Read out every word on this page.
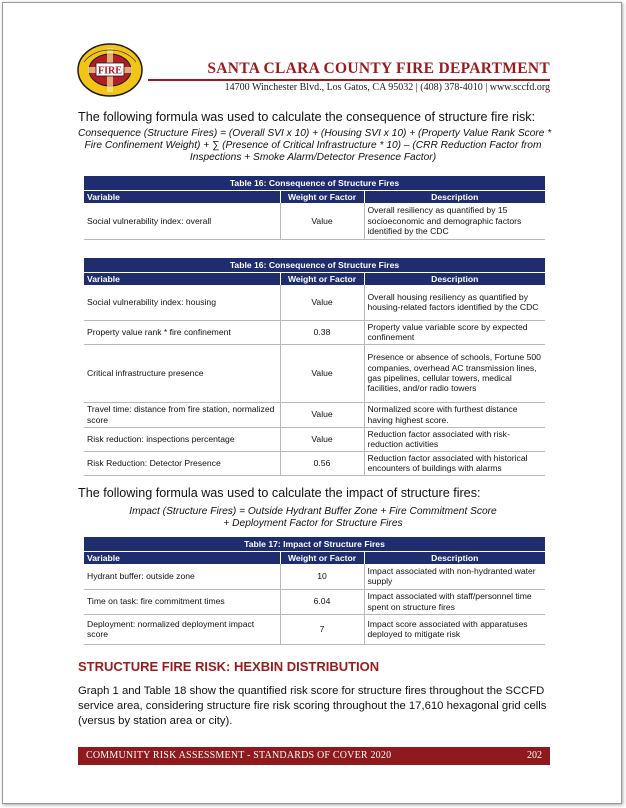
FIRE	SANTA CLARA COUNTY FIRE DEPARTMENT
14700 Winchester Blvd., Los Gatos, CA 95032 | (408) 378-4010 | www.sccfd.org
The following formula was used to calculate the consequence of structure fire risk:
Consequence (Structure Fires) = (Overall SVI x 10) + (Housing SVI x 10) + (Property Value Rank Score *
Fire Confinement Weight) + ∑ (Presence of Critical Infrastructure * 10) – (CRR Reduction Factor from
Inspections + Smoke Alarm/Detector Presence Factor)
Table 16: Consequence of Structure Fires		
Variable	Weight or Factor	Description
Social vulnerability index: overall	Value	Overall resiliency as quantified by 15 socioeconomic and demographic factors identified by the CDC
Table 16: Consequence of Structure Fires		
Variable	Weight or Factor	Description
Social vulnerability index: housing	Value	Overall housing resiliency as quantified by housing-related factors identified by the CDC
Property value rank * fire confinement	0.38	Property value variable score by expected confinement
Critical infrastructure presence	Value	Presence or absence of schools, Fortune 500 companies, overhead AC transmission lines, gas pipelines, cellular towers, medical facilities, and/or radio towers
Travel time: distance from fire station, normalized score	Value	Normalized score with furthest distance having highest score.
Risk reduction: inspections percentage	Value	Reduction factor associated with risk-reduction activities
Risk Reduction: Detector Presence	0.56	Reduction factor associated with historical encounters of buildings with alarms
The following formula was used to calculate the impact of structure fires:
Impact (Structure Fires) = Outside Hydrant Buffer Zone + Fire Commitment Score
+ Deployment Factor for Structure Fires
Table 17: Impact of Structure Fires		
Variable	Weight or Factor	Description
Hydrant buffer: outside zone	10	Impact associated with non-hydranted water supply
Time on task: fire commitment times	6.04	Impact associated with staff/personnel time spent on structure fires
Deployment: normalized deployment impact score	7	Impact score associated with apparatuses deployed to mitigate risk
STRUCTURE FIRE RISK: HEXBIN DISTRIBUTION
Graph 1 and Table 18 show the quantified risk score for structure fires throughout the SCCFD
service area, considering structure fire risk scoring throughout the 17,610 hexagonal grid cells
(versus by station area or city).
COMMUNITY RISK ASSESSMENT - STANDARDS OF COVER 2020	202
